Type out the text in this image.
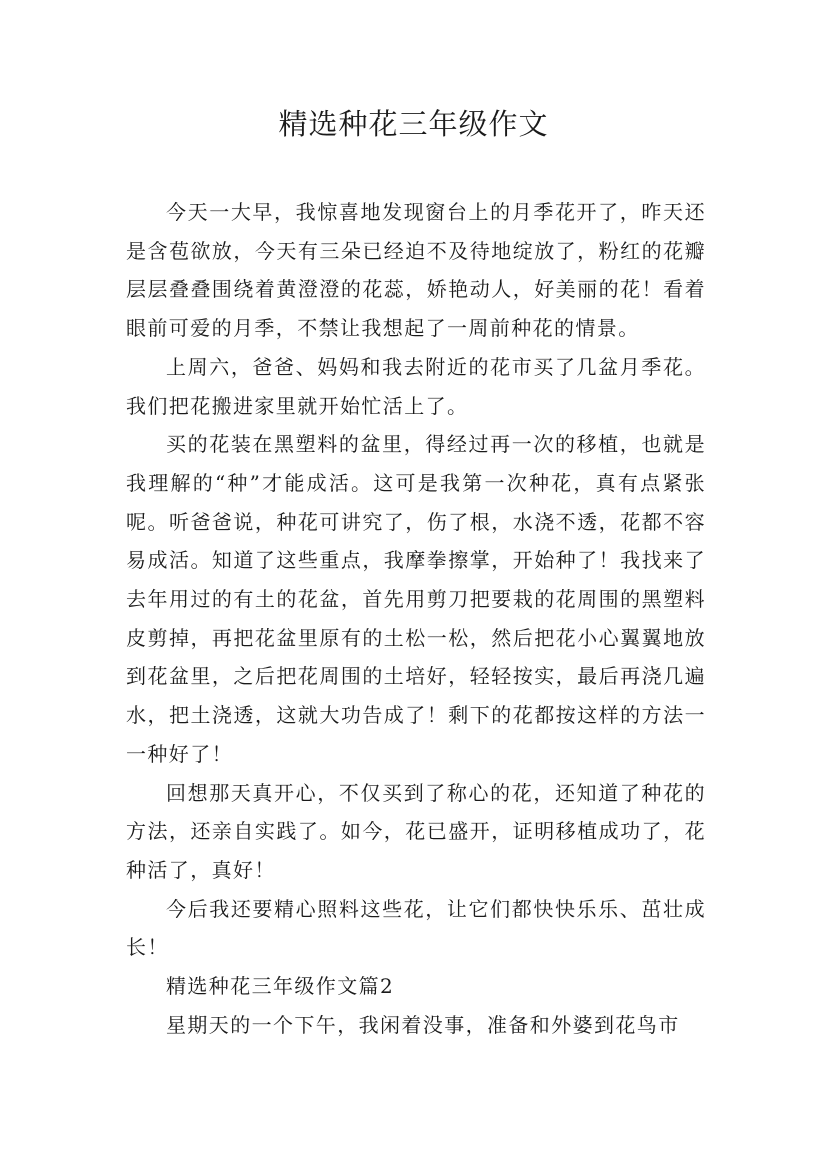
精选种花三年级作文

今天一大早，我惊喜地发现窗台上的月季花开了，昨天还是含苞欲放，今天有三朵已经迫不及待地绽放了，粉红的花瓣层层叠叠围绕着黄澄澄的花蕊，娇艳动人，好美丽的花！看着眼前可爱的月季，不禁让我想起了一周前种花的情景。

上周六，爸爸、妈妈和我去附近的花市买了几盆月季花。我们把花搬进家里就开始忙活上了。

买的花装在黑塑料的盆里，得经过再一次的移植，也就是我理解的“种”才能成活。这可是我第一次种花，真有点紧张呢。听爸爸说，种花可讲究了，伤了根，水浇不透，花都不容易成活。知道了这些重点，我摩拳擦掌，开始种了！我找来了去年用过的有土的花盆，首先用剪刀把要栽的花周围的黑塑料皮剪掉，再把花盆里原有的土松一松，然后把花小心翼翼地放到花盆里，之后把花周围的土培好，轻轻按实，最后再浇几遍水，把土浇透，这就大功告成了！剩下的花都按这样的方法一一种好了！

回想那天真开心，不仅买到了称心的花，还知道了种花的方法，还亲自实践了。如今，花已盛开，证明移植成功了，花种活了，真好！

今后我还要精心照料这些花，让它们都快快乐乐、茁壮成长！

精选种花三年级作文篇2

星期天的一个下午，我闲着没事，准备和外婆到花鸟市
